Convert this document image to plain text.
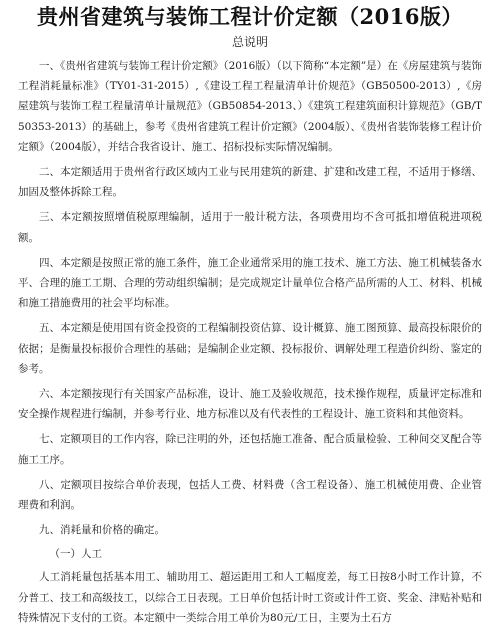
贵州省建筑与装饰工程计价定额（2016版）
总说明

一、《贵州省建筑与装饰工程计价定额》（2016版）（以下简称“本定额”是）在《房屋建筑与装饰工程消耗量标准》（TY01-31-2015）,《建设工程工程量清单计价规范》（GB50500-2013）,《房屋建筑与装饰工程工程量清单计量规范》（GB50854-2013、）《建筑工程建筑面积计算规范》（GB/T50353-2013）的基础上，参考《贵州省建筑工程计价定额》（2004版）、《贵州省装饰装修工程计价定额》（2004版），并结合我省设计、施工、招标投标实际情况编制。

二、本定额适用于贵州省行政区域内工业与民用建筑的新建、扩建和改建工程，不适用于修缮、加固及整体拆除工程。

三、本定额按照增值税原理编制，适用于一般计税方法，各项费用均不含可抵扣增值税进项税额。

四、本定额是按照正常的施工条件，施工企业通常采用的施工技术、施工方法、施工机械装备水平、合理的施工工期、合理的劳动组织编制；是完成规定计量单位合格产品所需的人工、材料、机械和施工措施费用的社会平均标准。

五、本定额是使用国有资金投资的工程编制投资估算、设计概算、施工图预算、最高投标限价的依据；是衡量投标报价合理性的基础；是编制企业定额、投标报价、调解处理工程造价纠纷、鉴定的参考。

六、本定额按现行有关国家产品标准，设计、施工及验收规范，技术操作规程，质量评定标准和安全操作规程进行编制，并参考行业、地方标准以及有代表性的工程设计、施工资料和其他资料。

七、定额项目的工作内容，除已注明的外，还包括施工准备、配合质量检验、工种间交叉配合等施工工序。

八、定额项目按综合单价表现，包括人工费、材料费（含工程设备）、施工机械使用费、企业管理费和利润。

九、消耗量和价格的确定。

（一）人工

人工消耗量包括基本用工、辅助用工、超运距用工和人工幅度差，每工日按8小时工作计算，不分普工、技工和高级技工，以综合工日表现。工日单价包括计时工资或计件工资、奖金、津贴补贴和特殊情况下支付的工资。本定额中一类综合用工单价为80元/工日，主要为土石方
